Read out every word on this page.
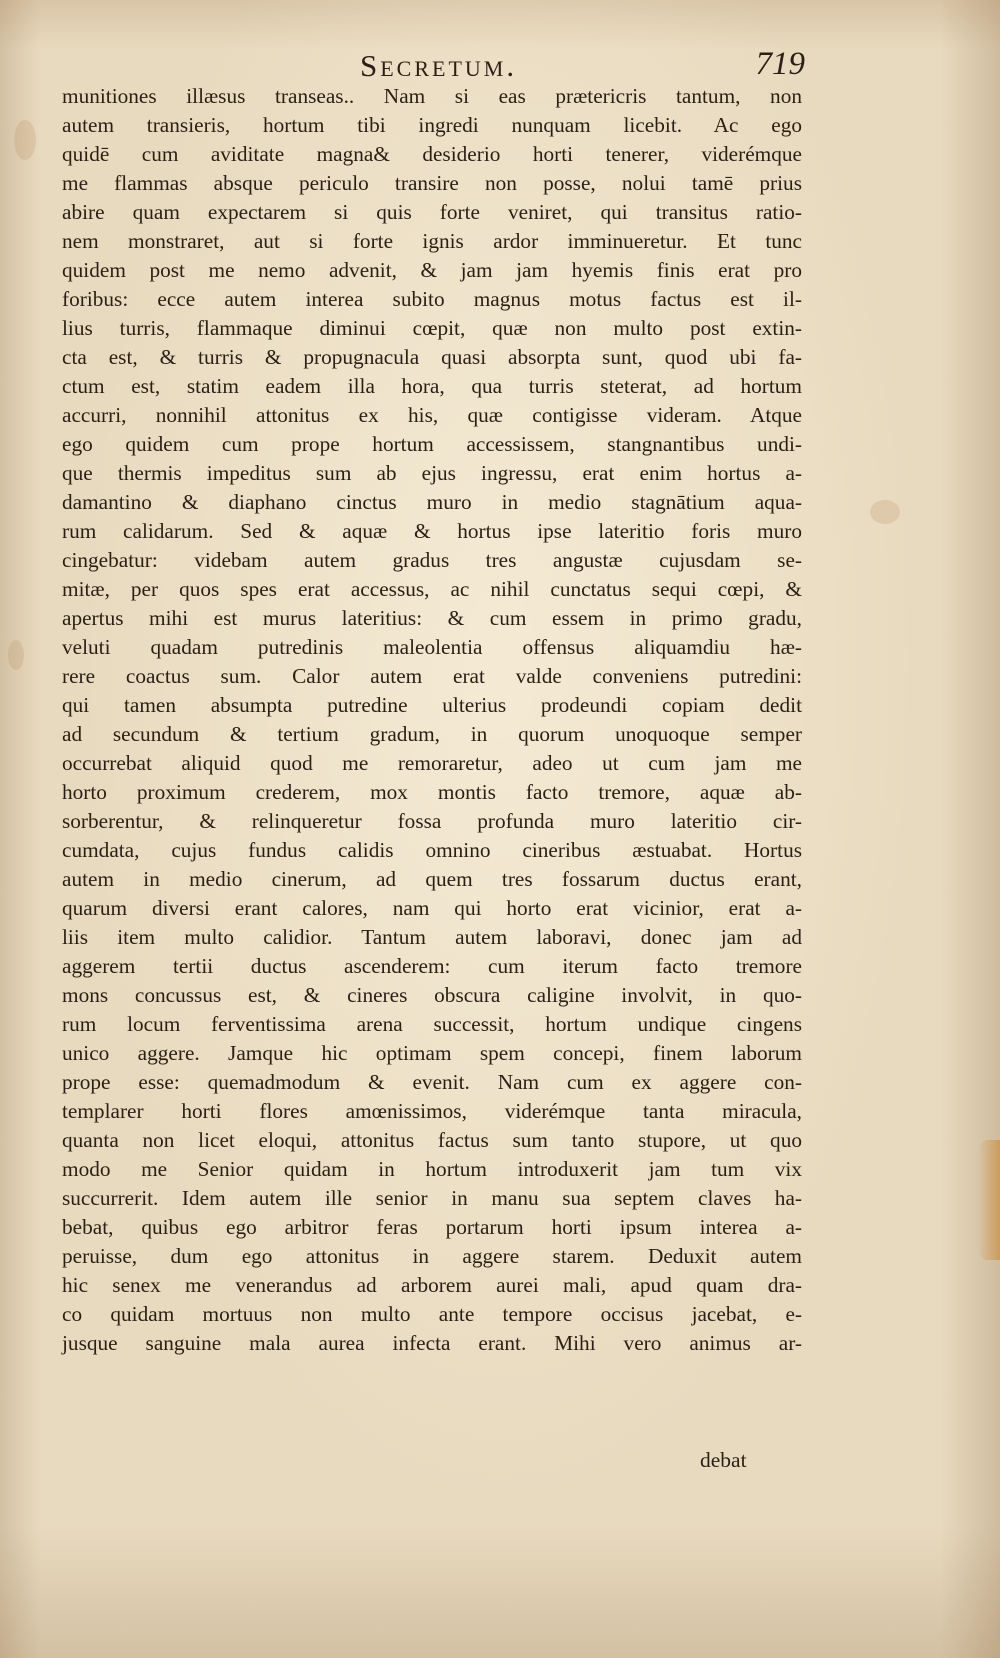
Secretum.	719
munitiones illæsus transeas.. Nam si eas prætericris tantum, non
autem transieris, hortum tibi ingredi nunquam licebit. Ac ego
quidē cum aviditate magna& desiderio horti tenerer, viderémque
me flammas absque periculo transire non posse, nolui tamē prius
abire quam expectarem si quis forte veniret, qui transitus ratio-
nem monstraret, aut si forte ignis ardor imminueretur. Et tunc
quidem post me nemo advenit, & jam jam hyemis finis erat pro
foribus: ecce autem interea subito magnus motus factus est il-
lius turris, flammaque diminui cœpit, quæ non multo post extin-
cta est, & turris & propugnacula quasi absorpta sunt, quod ubi fa-
ctum est, statim eadem illa hora, qua turris steterat, ad hortum
accurri, nonnihil attonitus ex his, quæ contigisse videram. Atque
ego quidem cum prope hortum accessissem, stangnantibus undi-
que thermis impeditus sum ab ejus ingressu, erat enim hortus a-
damantino & diaphano cinctus muro in medio stagnātium aqua-
rum calidarum. Sed & aquæ & hortus ipse lateritio foris muro
cingebatur: videbam autem gradus tres angustæ cujusdam se-
mitæ, per quos spes erat accessus, ac nihil cunctatus sequi cœpi, &
apertus mihi est murus lateritius: & cum essem in primo gradu,
veluti quadam putredinis maleolentia offensus aliquamdiu hæ-
rere coactus sum. Calor autem erat valde conveniens putredini:
qui tamen absumpta putredine ulterius prodeundi copiam dedit
ad secundum & tertium gradum, in quorum unoquoque semper
occurrebat aliquid quod me remoraretur, adeo ut cum jam me
horto proximum crederem, mox montis facto tremore, aquæ ab-
sorberentur, & relinqueretur fossa profunda muro lateritio cir-
cumdata, cujus fundus calidis omnino cineribus æstuabat. Hortus
autem in medio cinerum, ad quem tres fossarum ductus erant,
quarum diversi erant calores, nam qui horto erat vicinior, erat a-
liis item multo calidior. Tantum autem laboravi, donec jam ad
aggerem tertii ductus ascenderem: cum iterum facto tremore
mons concussus est, & cineres obscura caligine involvit, in quo-
rum locum ferventissima arena successit, hortum undique cingens
unico aggere. Jamque hic optimam spem concepi, finem laborum
prope esse: quemadmodum & evenit. Nam cum ex aggere con-
templarer horti flores amœnissimos, viderémque tanta miracula,
quanta non licet eloqui, attonitus factus sum tanto stupore, ut quo
modo me Senior quidam in hortum introduxerit jam tum vix
succurrerit. Idem autem ille senior in manu sua septem claves ha-
bebat, quibus ego arbitror feras portarum horti ipsum interea a-
peruisse, dum ego attonitus in aggere starem. Deduxit autem
hic senex me venerandus ad arborem aurei mali, apud quam dra-
co quidam mortuus non multo ante tempore occisus jacebat, e-
jusque sanguine mala aurea infecta erant. Mihi vero animus ar-
debat
